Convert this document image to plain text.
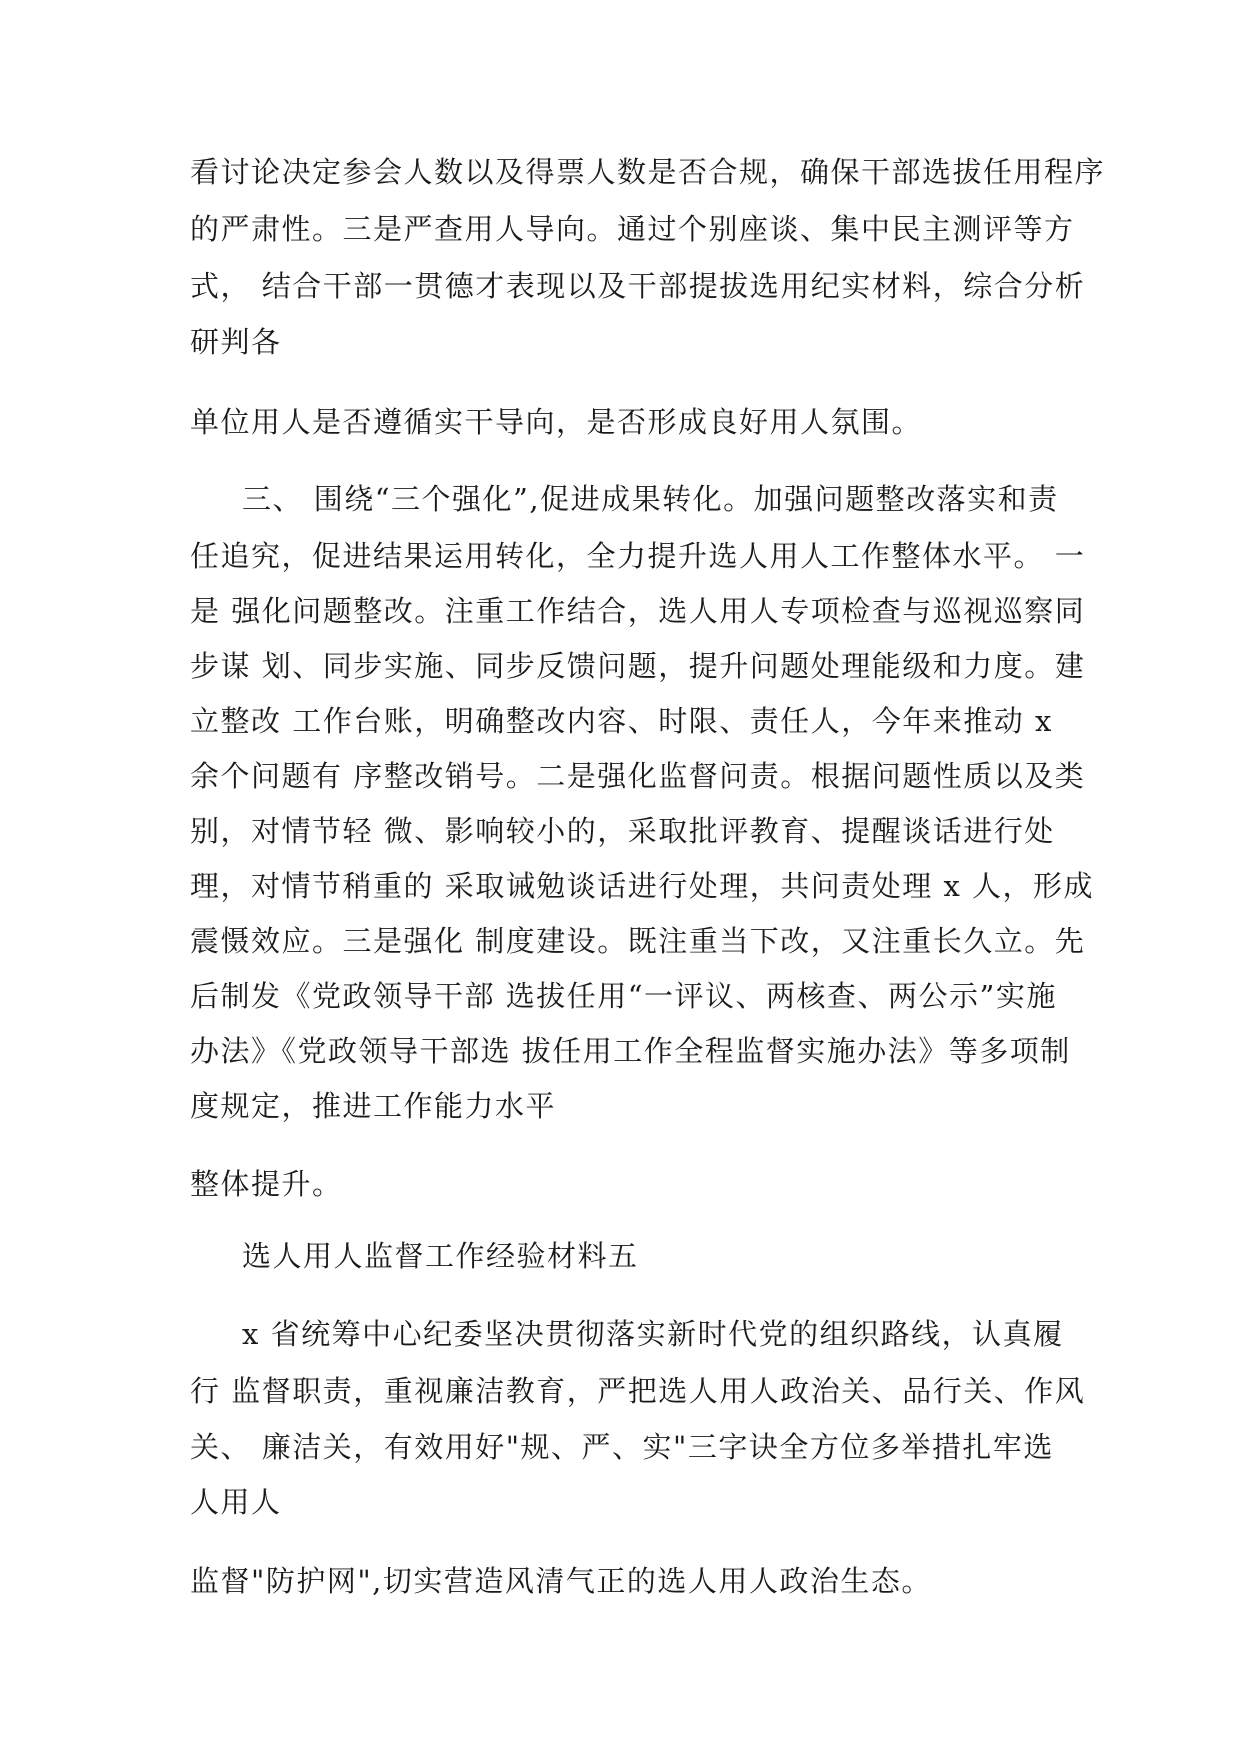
看讨论决定参会人数以及得票人数是否合规，确保干部选拔任用程序
的严肃性。三是严查用人导向。通过个别座谈、集中民主测评等方
式， 结合干部一贯德才表现以及干部提拔选用纪实材料，综合分析
研判各
单位用人是否遵循实干导向，是否形成良好用人氛围。
三、 围绕“三个强化”,促进成果转化。加强问题整改落实和责
任追究，促进结果运用转化，全力提升选人用人工作整体水平。 一
是 强化问题整改。注重工作结合，选人用人专项检查与巡视巡察同
步谋 划、同步实施、同步反馈问题，提升问题处理能级和力度。建
立整改 工作台账，明确整改内容、时限、责任人，今年来推动 x
余个问题有 序整改销号。二是强化监督问责。根据问题性质以及类
别，对情节轻 微、影响较小的，采取批评教育、提醒谈话进行处
理，对情节稍重的 采取诫勉谈话进行处理，共问责处理 x 人，形成
震慑效应。三是强化 制度建设。既注重当下改，又注重长久立。先
后制发《党政领导干部 选拔任用“一评议、两核查、两公示”实施
办法》《党政领导干部选 拔任用工作全程监督实施办法》等多项制
度规定，推进工作能力水平
整体提升。
选人用人监督工作经验材料五
x 省统筹中心纪委坚决贯彻落实新时代党的组织路线，认真履
行 监督职责，重视廉洁教育，严把选人用人政治关、品行关、作风
关、 廉洁关，有效用好"规、严、实"三字诀全方位多举措扎牢选
人用人
监督"防护网",切实营造风清气正的选人用人政治生态。
